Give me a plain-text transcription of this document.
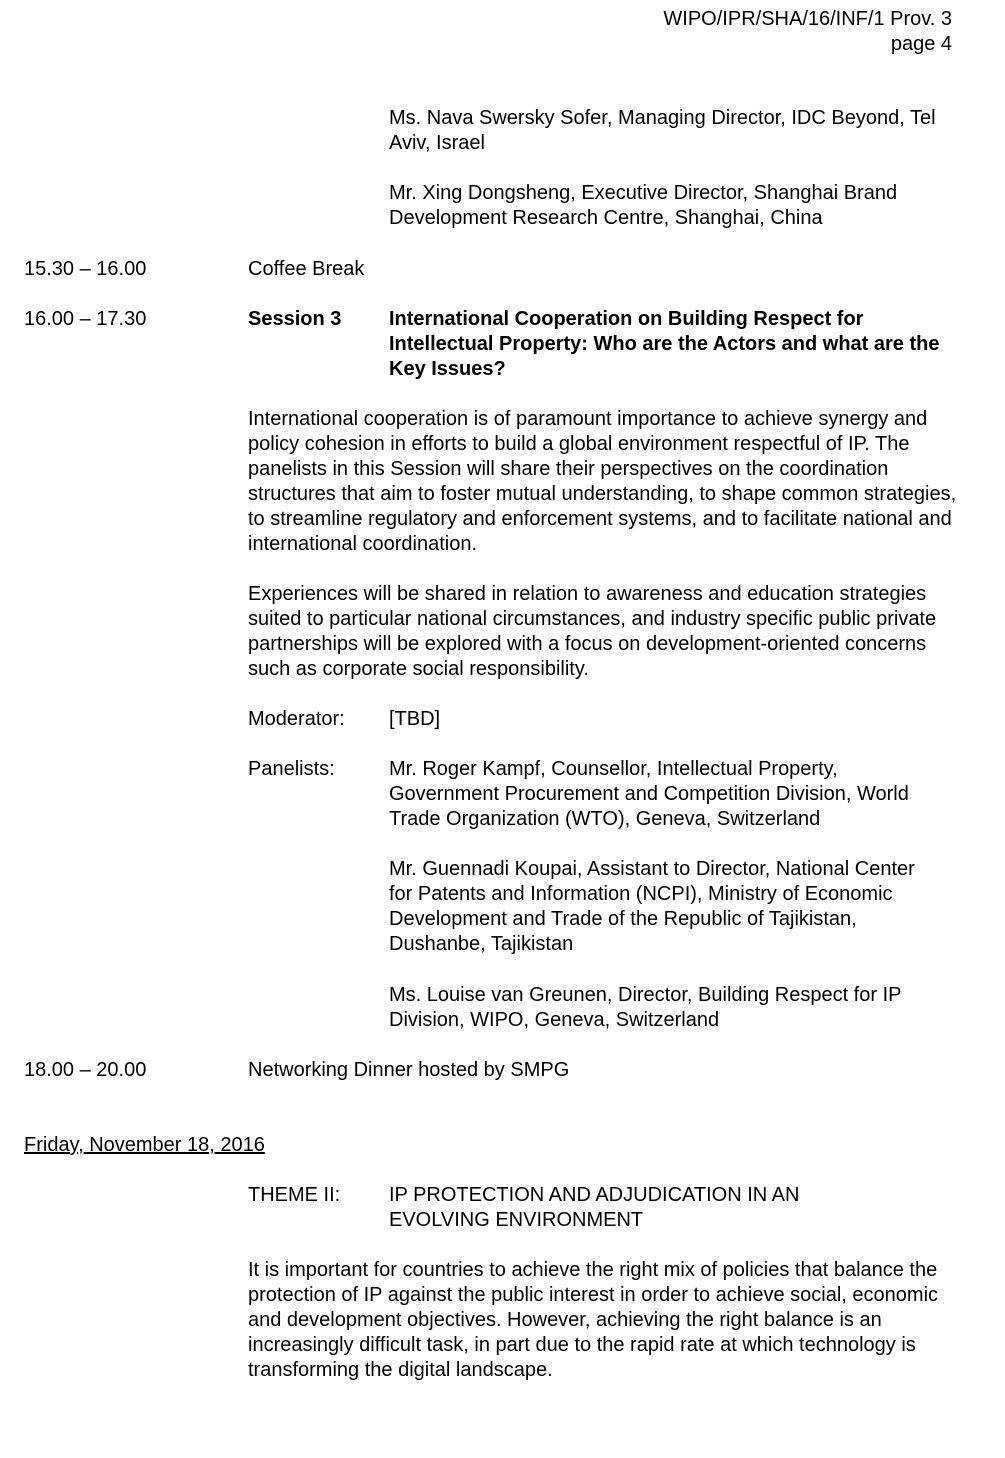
WIPO/IPR/SHA/16/INF/1 Prov. 3
page 4
Ms. Nava Swersky Sofer, Managing Director, IDC Beyond, Tel Aviv, Israel
Mr. Xing Dongsheng, Executive Director, Shanghai Brand Development Research Centre, Shanghai, China
15.30 – 16.00	Coffee Break
16.00 – 17.30	Session 3 International Cooperation on Building Respect for Intellectual Property: Who are the Actors and what are the Key Issues?
International cooperation is of paramount importance to achieve synergy and policy cohesion in efforts to build a global environment respectful of IP. The panelists in this Session will share their perspectives on the coordination structures that aim to foster mutual understanding, to shape common strategies, to streamline regulatory and enforcement systems, and to facilitate national and international coordination.
Experiences will be shared in relation to awareness and education strategies suited to particular national circumstances, and industry specific public private partnerships will be explored with a focus on development-oriented concerns such as corporate social responsibility.
Moderator: [TBD]
Panelists:	Mr. Roger Kampf, Counsellor, Intellectual Property, Government Procurement and Competition Division, World Trade Organization (WTO), Geneva, Switzerland
Mr. Guennadi Koupai, Assistant to Director, National Center for Patents and Information (NCPI), Ministry of Economic Development and Trade of the Republic of Tajikistan, Dushanbe, Tajikistan
Ms. Louise van Greunen, Director, Building Respect for IP Division, WIPO, Geneva, Switzerland
18.00 – 20.00	Networking Dinner hosted by SMPG
Friday, November 18, 2016
THEME II: IP PROTECTION AND ADJUDICATION IN AN EVOLVING ENVIRONMENT
It is important for countries to achieve the right mix of policies that balance the protection of IP against the public interest in order to achieve social, economic and development objectives. However, achieving the right balance is an increasingly difficult task, in part due to the rapid rate at which technology is transforming the digital landscape.
